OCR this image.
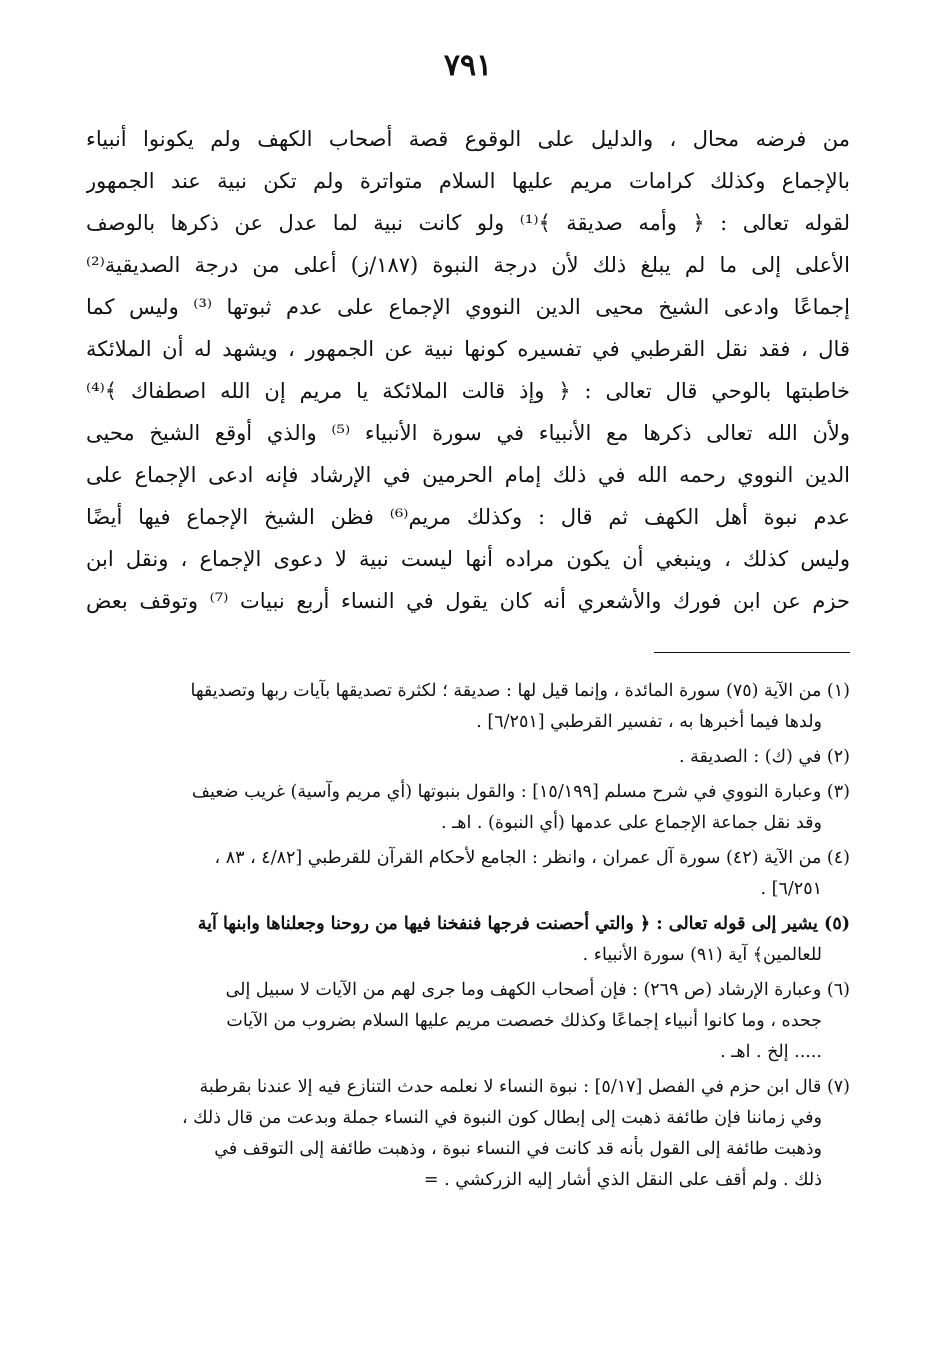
٧٩١
من فرضه محال ، والدليل على الوقوع قصة أصحاب الكهف ولم يكونوا أنبياء
بالإجماع وكذلك كرامات مريم عليها السلام متواترة ولم تكن نبية عند الجمهور
لقوله تعالى : ﴿ وأمه صديقة ﴾⁽¹⁾ ولو كانت نبية لما عدل عن ذكرها بالوصف
الأعلى إلى ما لم يبلغ ذلك لأن درجة النبوة (١٨٧/ز) أعلى من درجة الصديقية⁽²⁾
إجماعًا وادعى الشيخ محيى الدين النووي الإجماع على عدم ثبوتها ⁽³⁾ وليس كما
قال ، فقد نقل القرطبي في تفسيره كونها نبية عن الجمهور ، ويشهد له أن الملائكة
خاطبتها بالوحي قال تعالى : ﴿ وإذ قالت الملائكة يا مريم إن الله اصطفاك ﴾⁽⁴⁾
ولأن الله تعالى ذكرها مع الأنبياء في سورة الأنبياء ⁽⁵⁾ والذي أوقع الشيخ محيى
الدين النووي رحمه الله في ذلك إمام الحرمين في الإرشاد فإنه ادعى الإجماع على
عدم نبوة أهل الكهف ثم قال : وكذلك مريم⁽⁶⁾ فظن الشيخ الإجماع فيها أيضًا
وليس كذلك ، وينبغي أن يكون مراده أنها ليست نبية لا دعوى الإجماع ، ونقل ابن
حزم عن ابن فورك والأشعري أنه كان يقول في النساء أربع نبيات ⁽⁷⁾ وتوقف بعض
(١) من الآية (٧٥) سورة المائدة ، وإنما قيل لها : صديقة ؛ لكثرة تصديقها بآيات ربها وتصديقها
ولدها فيما أخبرها به ، تفسير القرطبي [٦/٢٥١] .
(٢) في (ك) : الصديقة .
(٣) وعبارة النووي في شرح مسلم [١٥/١٩٩] : والقول بنبوتها (أي مريم وآسية) غريب ضعيف
وقد نقل جماعة الإجماع على عدمها (أي النبوة) . اهـ .
(٤) من الآية (٤٢) سورة آل عمران ، وانظر : الجامع لأحكام القرآن للقرطبي [٤/٨٢ ، ٨٣ ،
٦/٢٥١] .
(٥) يشير إلى قوله تعالى : ﴿ والتي أحصنت فرجها فنفخنا فيها من روحنا وجعلناها وابنها آية
للعالمين﴾ آية (٩١) سورة الأنبياء .
(٦) وعبارة الإرشاد (ص ٢٦٩) : فإن أصحاب الكهف وما جرى لهم من الآيات لا سبيل إلى
جحده ، وما كانوا أنبياء إجماعًا وكذلك خصصت مريم عليها السلام بضروب من الآيات
..... إلخ . اهـ .
(٧) قال ابن حزم في الفصل [٥/١٧] : نبوة النساء لا نعلمه حدث التنازع فيه إلا عندنا بقرطبة
وفي زماننا فإن طائفة ذهبت إلى إبطال كون النبوة في النساء جملة وبدعت من قال ذلك ،
وذهبت طائفة إلى القول بأنه قد كانت في النساء نبوة ، وذهبت طائفة إلى التوقف في
ذلك . ولم أقف على النقل الذي أشار إليه الزركشي . =
